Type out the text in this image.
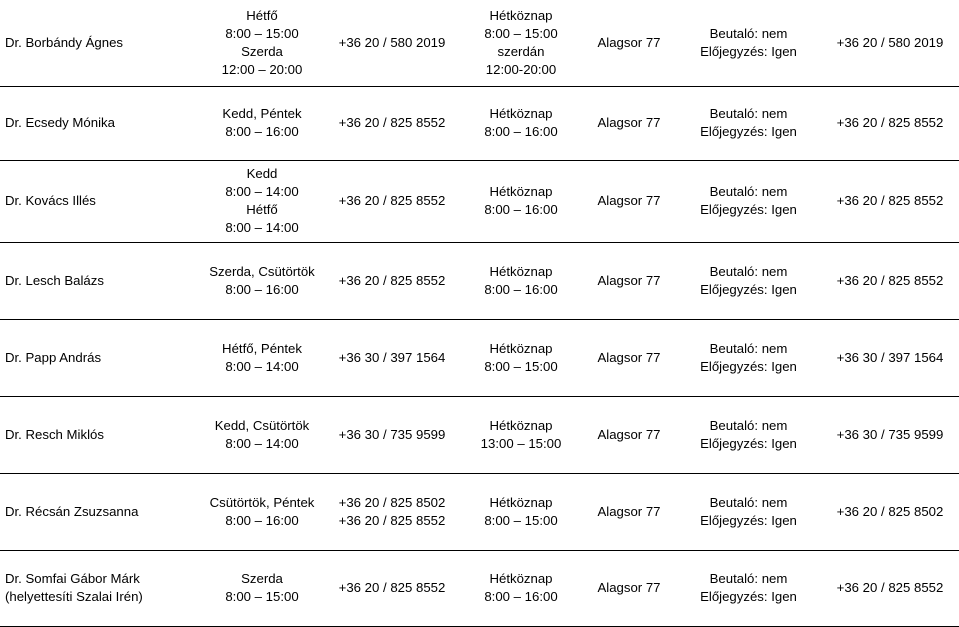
Dr. Borbándy Ágnes	Hétfő
8:00 – 15:00
Szerda
12:00 – 20:00	+36 20 / 580 2019	Hétköznap
8:00 – 15:00
szerdán
12:00-20:00	Alagsor 77	Beutaló: nem
Előjegyzés: Igen	+36 20 / 580 2019

Dr. Ecsedy Mónika	Kedd, Péntek
8:00 – 16:00	+36 20 / 825 8552	Hétköznap
8:00 – 16:00	Alagsor 77	Beutaló: nem
Előjegyzés: Igen	+36 20 / 825 8552

Dr. Kovács Illés	Kedd
8:00 – 14:00
Hétfő
8:00 – 14:00	+36 20 / 825 8552	Hétköznap
8:00 – 16:00	Alagsor 77	Beutaló: nem
Előjegyzés: Igen	+36 20 / 825 8552

Dr. Lesch Balázs	Szerda, Csütörtök
8:00 – 16:00	+36 20 / 825 8552	Hétköznap
8:00 – 16:00	Alagsor 77	Beutaló: nem
Előjegyzés: Igen	+36 20 / 825 8552

Dr. Papp András	Hétfő, Péntek
8:00 – 14:00	+36 30 / 397 1564	Hétköznap
8:00 – 15:00	Alagsor 77	Beutaló: nem
Előjegyzés: Igen	+36 30 / 397 1564

Dr. Resch Miklós	Kedd, Csütörtök
8:00 – 14:00	+36 30 / 735 9599	Hétköznap
13:00 – 15:00	Alagsor 77	Beutaló: nem
Előjegyzés: Igen	+36 30 / 735 9599

Dr. Récsán Zsuzsanna	Csütörtök, Péntek
8:00 – 16:00	+36 20 / 825 8502
+36 20 / 825 8552	Hétköznap
8:00 – 15:00	Alagsor 77	Beutaló: nem
Előjegyzés: Igen	+36 20 / 825 8502

Dr. Somfai Gábor Márk
(helyettesíti Szalai Irén)	Szerda
8:00 – 15:00	+36 20 / 825 8552	Hétköznap
8:00 – 16:00	Alagsor 77	Beutaló: nem
Előjegyzés: Igen	+36 20 / 825 8552
